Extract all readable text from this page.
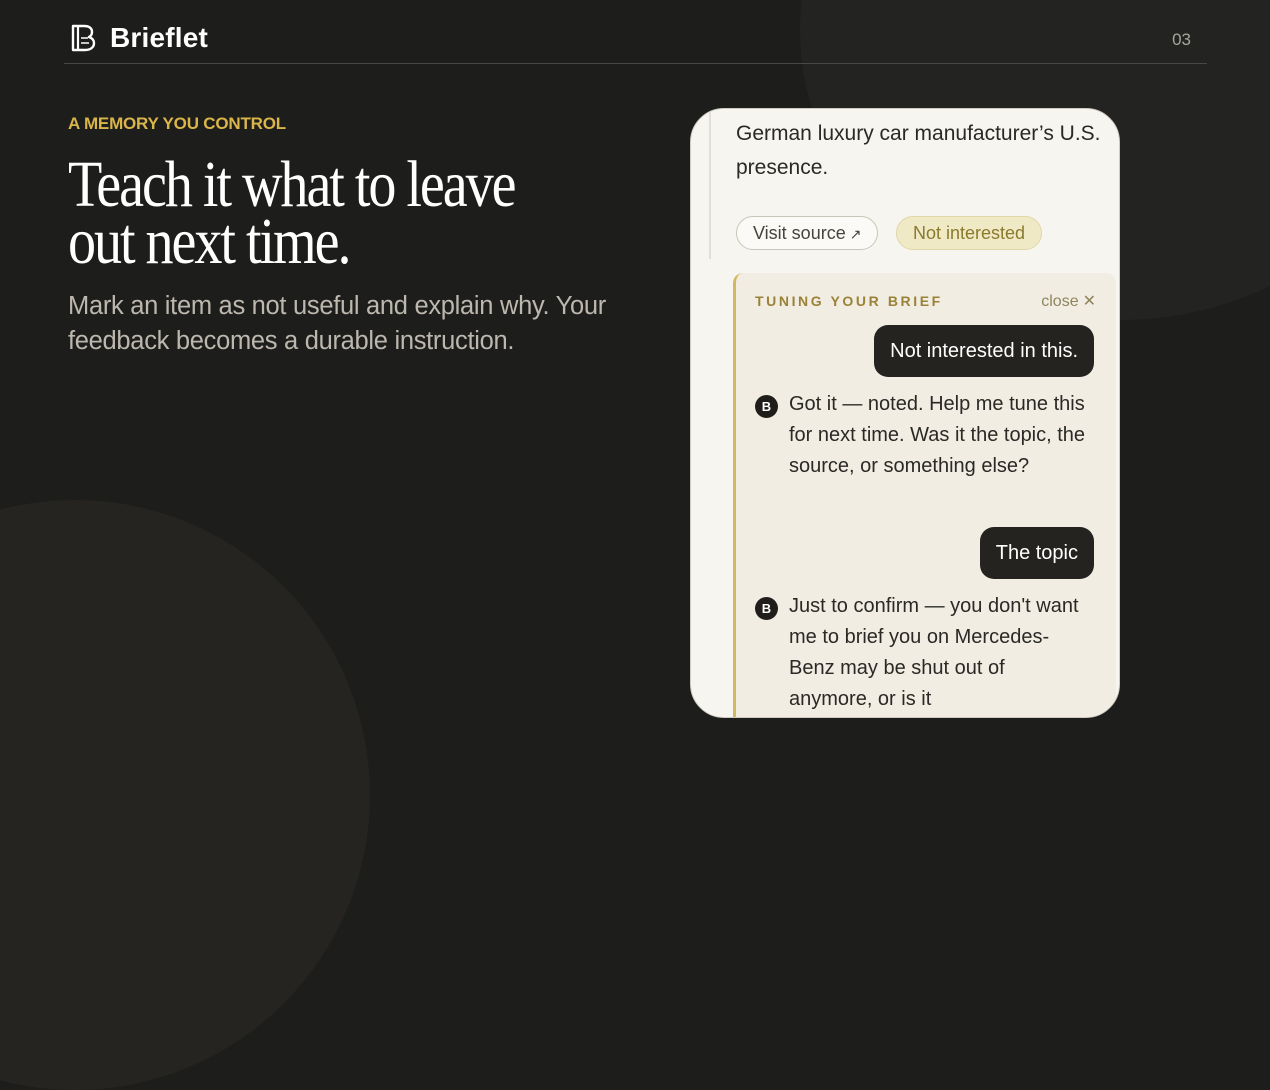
Brieflet	03
A MEMORY YOU CONTROL
Teach it what to leave out next time.

Mark an item as not useful and explain why. Your feedback becomes a durable instruction.

German luxury car manufacturer’s U.S. presence.

Visit source ↗	Not interested
TUNING YOUR BRIEF	close ✕
Not interested in this.
B Got it — noted. Help me tune this for next time. Was it the topic, the source, or something else?

The topic
B Just to confirm — you don't want me to brief you on Mercedes-Benz may be shut out of anymore, or is it
